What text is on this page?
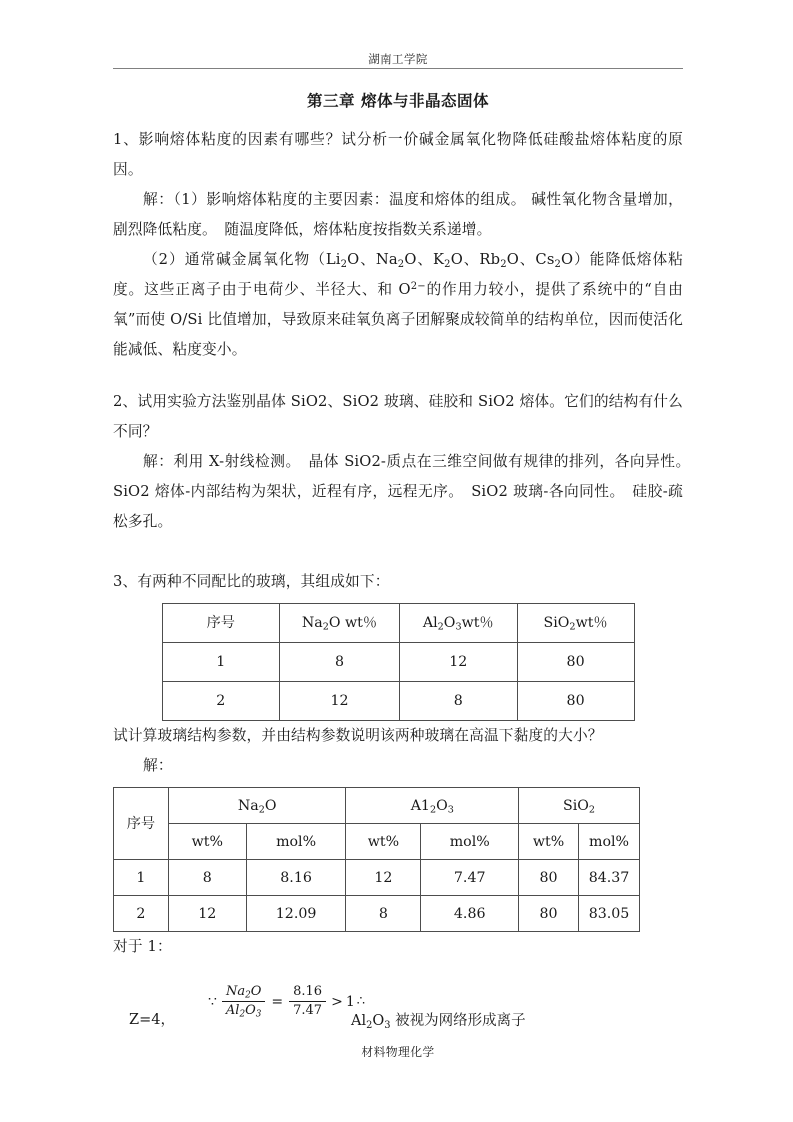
湖南工学院
第三章 熔体与非晶态固体

1、影响熔体粘度的因素有哪些？试分析一价碱金属氧化物降低硅酸盐熔体粘度的原因。

解：（1）影响熔体粘度的主要因素：温度和熔体的组成。 碱性氧化物含量增加，剧烈降低粘度。　随温度降低，熔体粘度按指数关系递增。

（2）通常碱金属氧化物（$Li_2O$、$Na_2O$、$K_2O$、$Rb_2O$、$Cs_2O$）能降低熔体粘度。这些正离子由于电荷少、半径大、和 $O^{2-}$的作用力较小，提供了系统中的“自由氧”而使 O/Si 比值增加，导致原来硅氧负离子团解聚成较简单的结构单位，因而使活化能减低、粘度变小。

2、试用实验方法鉴别晶体 SiO2、SiO2 玻璃、硅胶和 SiO2 熔体。它们的结构有什么不同？

解：利用 X-射线检测。　晶体 SiO2-质点在三维空间做有规律的排列，各向异性。　SiO2 熔体-内部结构为架状，近程有序，远程无序。　SiO2 玻璃-各向同性。　硅胶-疏松多孔。

3、有两种不同配比的玻璃，其组成如下：

序号	$Na_2O$ wt％	$Al_2O_3wt$％	SiO$_2$wt％
1	8	12	80
2	12	8	80

试计算玻璃结构参数，并由结构参数说明该两种玻璃在高温下黏度的大小？

解：

序号	$Na_2O$		$A1_2O_3$		SiO$_2$
	wt%	mol%	wt%	mol%	wt%	mol%
1	8	8.16	12	7.47	80	84.37
2	12	12.09	8	4.86	80	83.05

对于 1：

Z=4，
∵ $\frac{Na_2O}{Al_2O_3} = \frac{8.16}{7.47} > 1$ ∴
$Al_2O_3$ 被视为网络形成离子
材料物理化学
